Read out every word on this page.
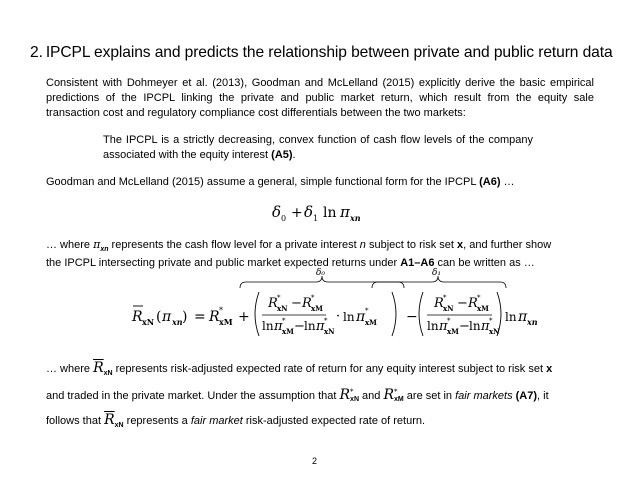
2. IPCPL explains and predicts the relationship between private and public return data
Consistent with Dohmeyer et al. (2013), Goodman and McLelland (2015) explicitly derive the basic empirical predictions of the IPCPL linking the private and public market return, which result from the equity sale transaction cost and regulatory compliance cost differentials between the two markets:
The IPCPL is a strictly decreasing, convex function of cash flow levels of the company associated with the equity interest (A5).
Goodman and McLelland (2015) assume a general, simple functional form for the IPCPL (A6) …
δ 0 + δ 1 ln π xn
… where $\pi_{xn}$ represents the cash flow level for a private interest n subject to risk set x, and further show
the IPCPL intersecting private and public market expected returns under A1–A6 can be written as …
δ₀	δ₁
R xN ( π xn ) = R *
xM +
R *
xN − R *
xM
ln π *
xM − ln π *
xN
· ln π *
xM −
R *
xN − R *
xM
ln π *
xM − ln π *
xN
ln π xn
… where $\overline{R}_{xN}$ represents risk-adjusted expected rate of return for any equity interest subject to risk set x
and traded in the private market. Under the assumption that R*
xN and R*
xM are set in fair markets (A7), it
follows that $\overline{R}_{xN}$ represents a fair market risk-adjusted expected rate of return.
2
